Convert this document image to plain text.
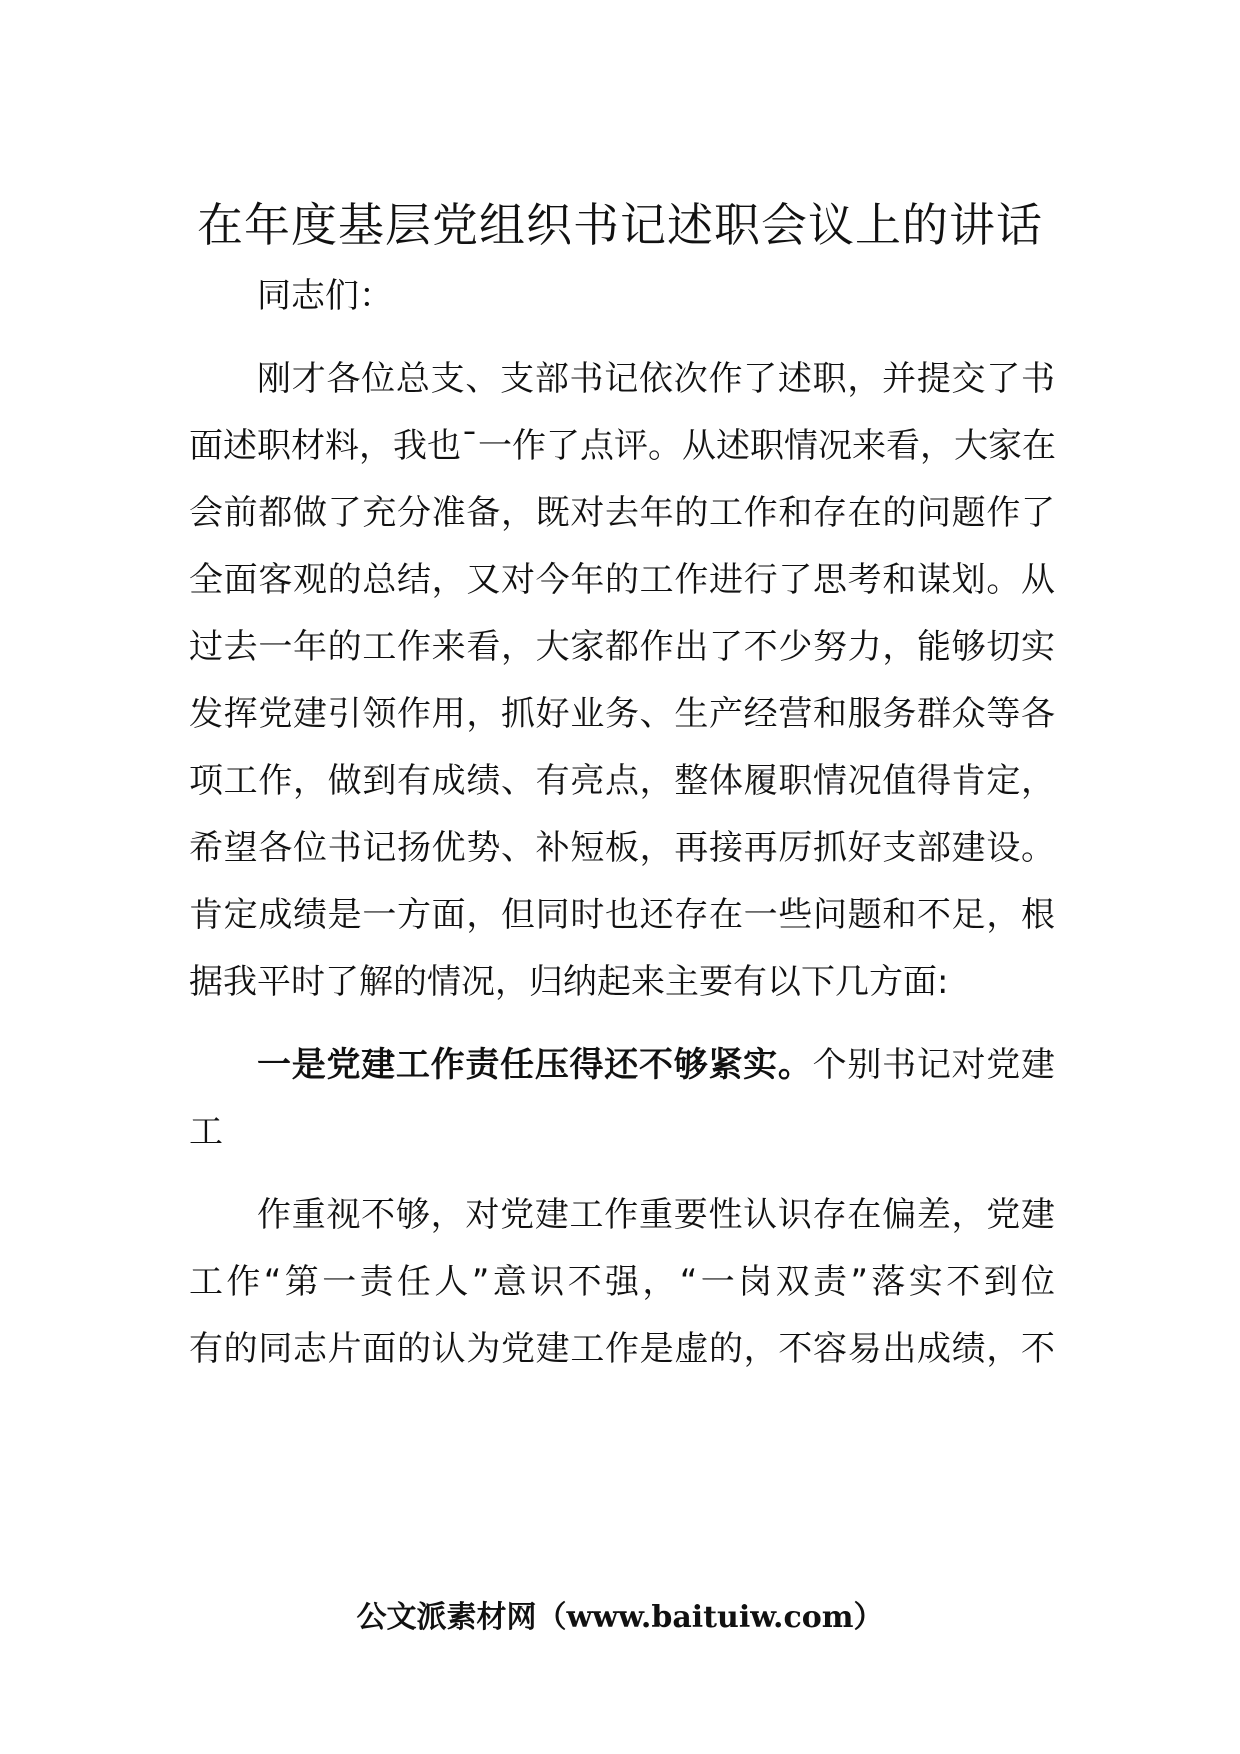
在年度基层党组织书记述职会议上的讲话

同志们：

刚才各位总支、支部书记依次作了述职，并提交了书

面述职材料，我也¯一作了点评。从述职情况来看，大家在

会前都做了充分准备，既对去年的工作和存在的问题作了

全面客观的总结，又对今年的工作进行了思考和谋划。从

过去一年的工作来看，大家都作出了不少努力，能够切实

发挥党建引领作用，抓好业务、生产经营和服务群众等各

项工作，做到有成绩、有亮点，整体履职情况值得肯定，

希望各位书记扬优势、补短板，再接再厉抓好支部建设。

肯定成绩是一方面，但同时也还存在一些问题和不足，根

据我平时了解的情况，归纳起来主要有以下几方面:

一是党建工作责任压得还不够紧实。个别书记对党建

工

作重视不够，对党建工作重要性认识存在偏差，党建

工作“第一责任人”意识不强，“一岗双责”落实不到位

有的同志片面的认为党建工作是虚的，不容易出成绩，不

公文派素材网（www.baituiw.com）
